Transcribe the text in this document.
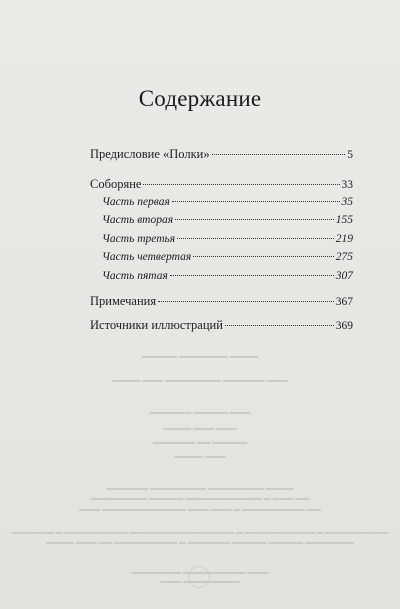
Содержание
Предисловие «Полки»	5
Соборяне	33
Часть первая	35
Часть вторая	155
Часть третья	219
Часть четвертая	275
Часть пятая	307
Примечания	367
Источники иллюстраций	369
▬▬▬▬ ▬▬▬▬▬▬▬ ▬▬▬▬▬
▬▬▬ ▬▬▬▬▬▬ ▬▬▬▬▬▬▬▬ ▬▬▬ ▬▬▬▬
▬▬▬ ▬▬▬▬▬ ▬▬▬▬▬▬
▬▬▬ ▬▬▬ ▬▬▬▬
▬▬▬▬▬ ▬▬ ▬▬▬▬▬▬
▬▬▬ ▬▬▬▬
▬▬▬▬ ▬▬▬▬▬▬▬▬ ▬▬▬▬▬▬▬▬ ▬▬▬▬▬▬
▬▬ ▬▬▬ ▬ ▬▬▬▬▬▬▬▬▬▬▬ ▬▬▬▬▬ ▬▬▬▬▬▬▬▬
▬▬ ▬▬▬▬▬▬▬▬▬ ▬ ▬▬▬ ▬▬▬ ▬▬▬▬▬▬▬▬▬▬▬▬ ▬▬▬
▬▬▬▬▬▬▬▬▬ ▬ ▬▬▬▬▬▬▬▬▬▬ ▬ ▬▬▬▬▬▬▬▬▬▬▬▬▬▬▬ ▬▬▬▬▬▬▬▬▬ ▬ ▬▬▬▬▬▬
▬▬▬▬▬▬▬ ▬▬▬▬▬ ▬▬▬▬▬ ▬▬▬▬▬▬ ▬ ▬▬▬▬▬▬▬▬▬ ▬▬ ▬▬▬ ▬▬▬▬
▬▬▬ ▬▬▬▬▬▬▬▬▬ ▬▬▬▬▬▬▬
▬▬▬▬▬▬▬▬ ▬▬▬
